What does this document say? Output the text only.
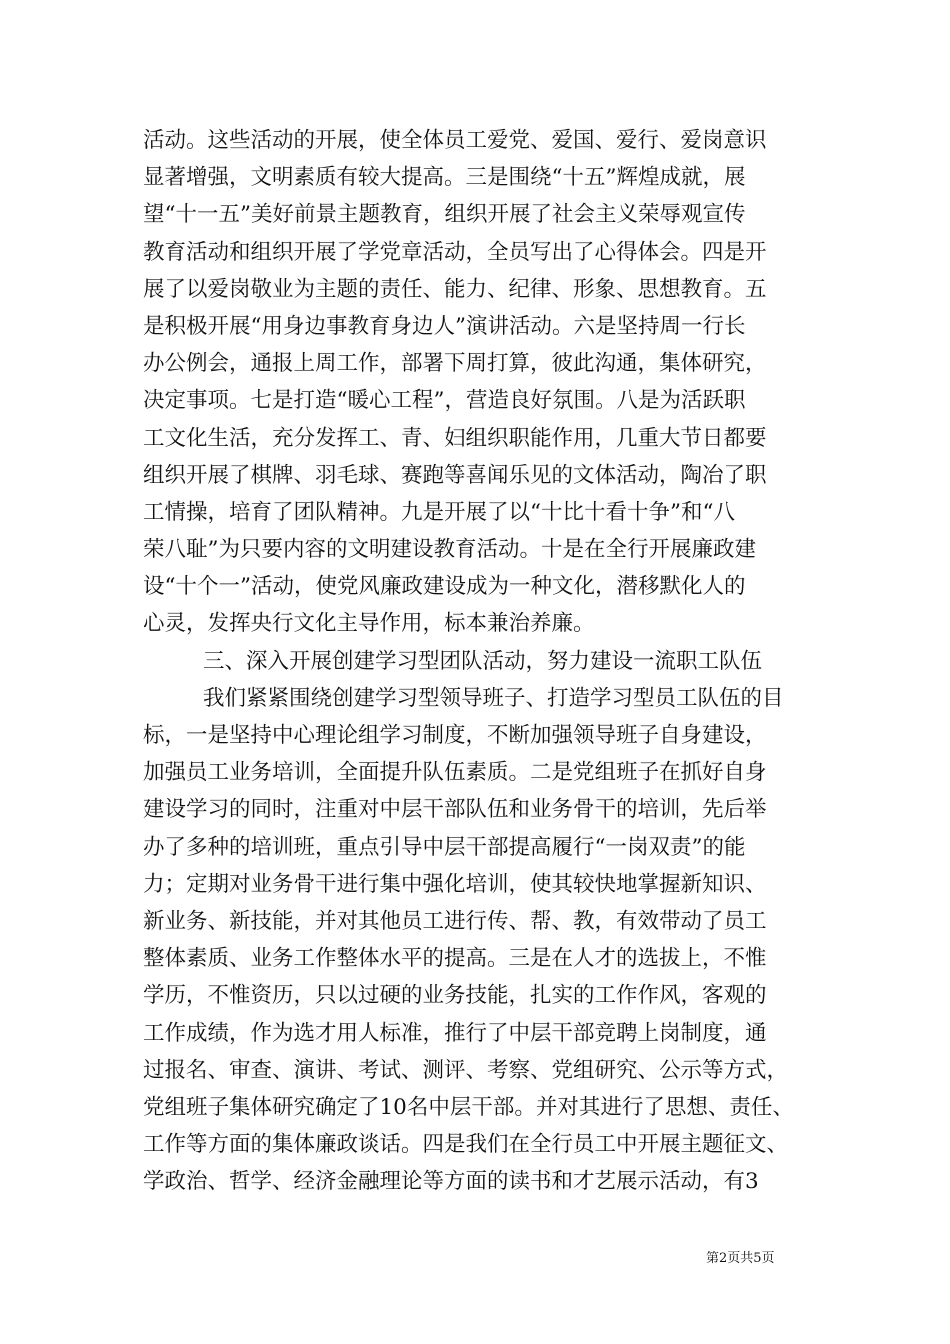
活动。这些活动的开展，使全体员工爱党、爱国、爱行、爱岗意识
显著增强，文明素质有较大提高。三是围绕“十五”辉煌成就，展
望“十一五”美好前景主题教育，组织开展了社会主义荣辱观宣传
教育活动和组织开展了学党章活动，全员写出了心得体会。四是开
展了以爱岗敬业为主题的责任、能力、纪律、形象、思想教育。五
是积极开展“用身边事教育身边人”演讲活动。六是坚持周一行长
办公例会，通报上周工作，部署下周打算，彼此沟通，集体研究，
决定事项。七是打造“暖心工程”，营造良好氛围。八是为活跃职
工文化生活，充分发挥工、青、妇组织职能作用，几重大节日都要
组织开展了棋牌、羽毛球、赛跑等喜闻乐见的文体活动，陶冶了职
工情操，培育了团队精神。九是开展了以“十比十看十争”和“八
荣八耻”为只要内容的文明建设教育活动。十是在全行开展廉政建
设“十个一”活动，使党风廉政建设成为一种文化，潜移默化人的
心灵，发挥央行文化主导作用，标本兼治养廉。
三、深入开展创建学习型团队活动，努力建设一流职工队伍
我们紧紧围绕创建学习型领导班子、打造学习型员工队伍的目
标，一是坚持中心理论组学习制度，不断加强领导班子自身建设，
加强员工业务培训，全面提升队伍素质。二是党组班子在抓好自身
建设学习的同时，注重对中层干部队伍和业务骨干的培训，先后举
办了多种的培训班，重点引导中层干部提高履行“一岗双责”的能
力；定期对业务骨干进行集中强化培训，使其较快地掌握新知识、
新业务、新技能，并对其他员工进行传、帮、教，有效带动了员工
整体素质、业务工作整体水平的提高。三是在人才的选拔上，不惟
学历，不惟资历，只以过硬的业务技能，扎实的工作作风，客观的
工作成绩，作为选才用人标准，推行了中层干部竞聘上岗制度，通
过报名、审查、演讲、考试、测评、考察、党组研究、公示等方式，
党组班子集体研究确定了10名中层干部。并对其进行了思想、责任、
工作等方面的集体廉政谈话。四是我们在全行员工中开展主题征文、
学政治、哲学、经济金融理论等方面的读书和才艺展示活动，有3
第2页共5页
